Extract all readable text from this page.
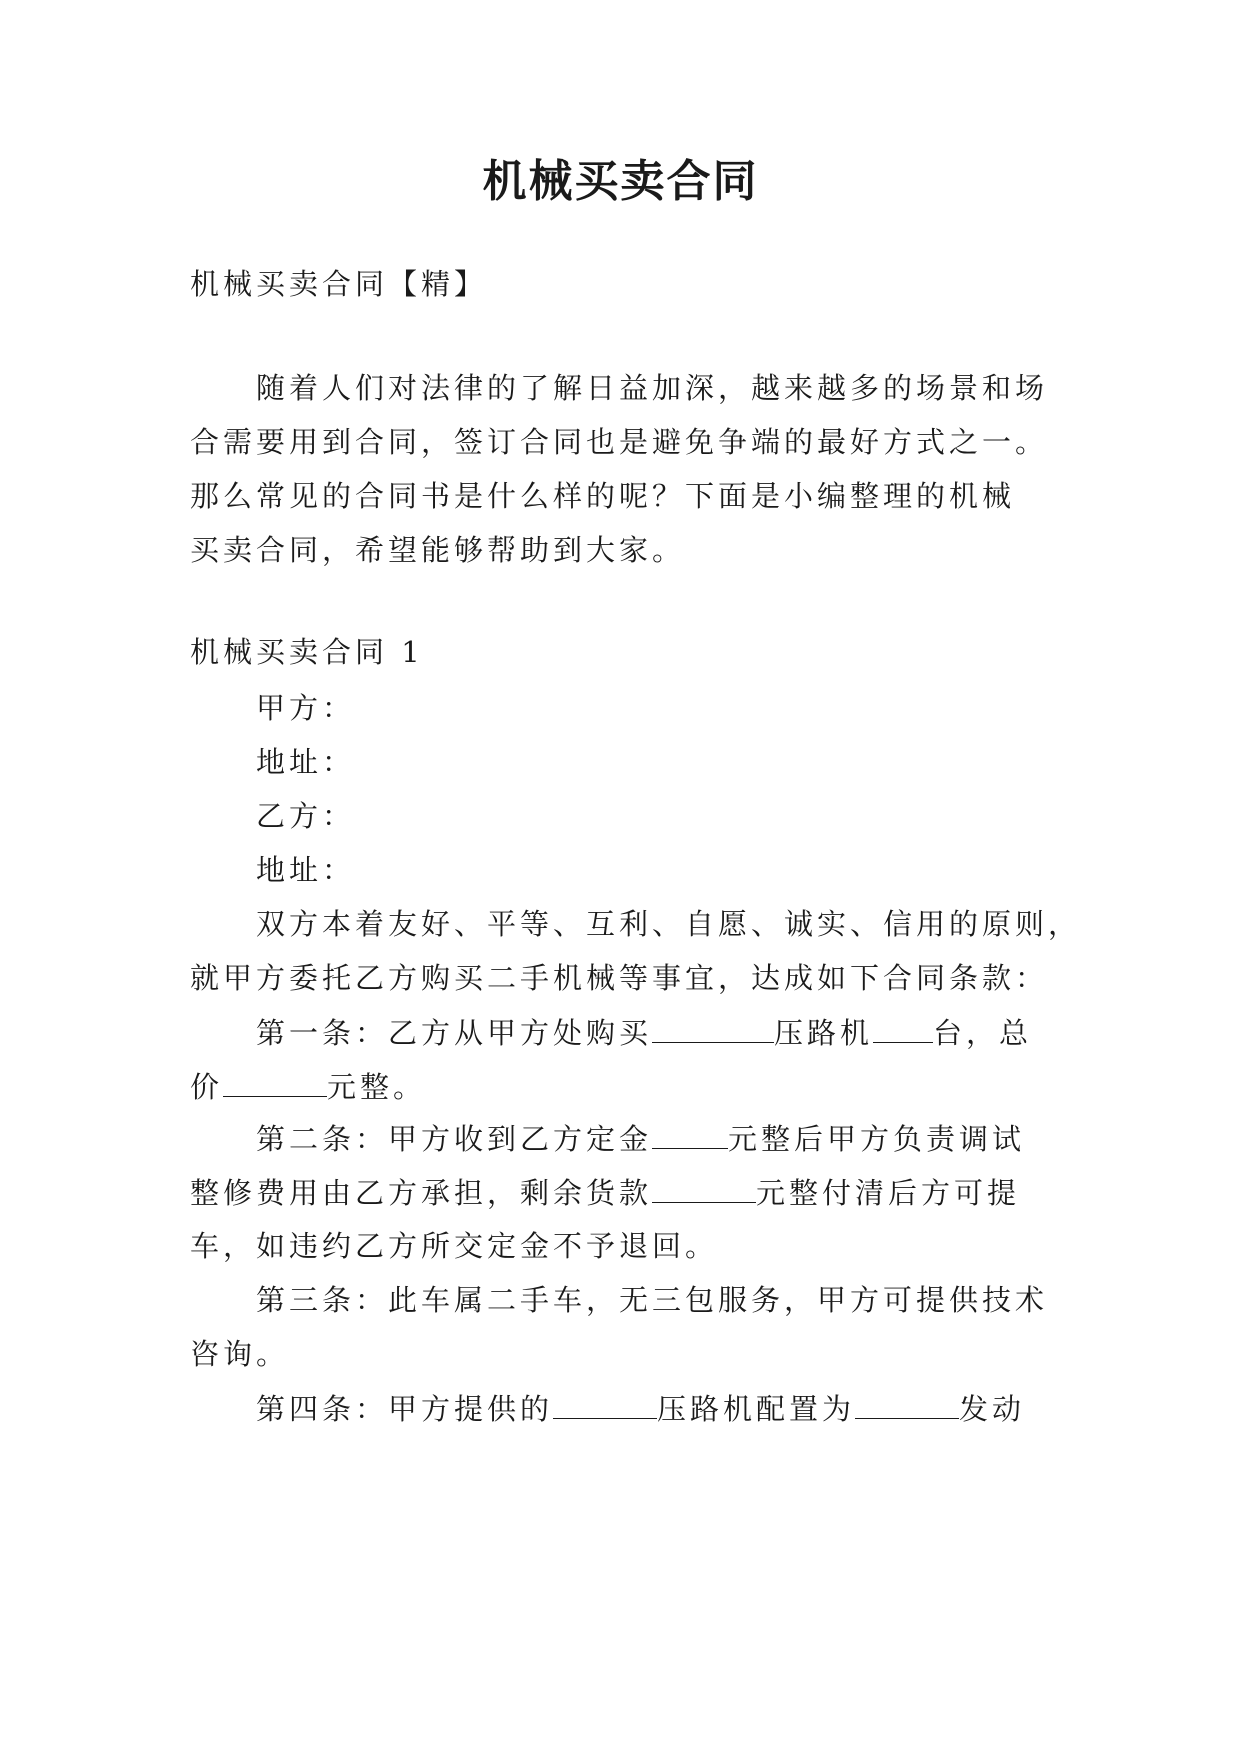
机械买卖合同
机械买卖合同【精】
随着人们对法律的了解日益加深，越来越多的场景和场
合需要用到合同，签订合同也是避免争端的最好方式之一。
那么常见的合同书是什么样的呢？下面是小编整理的机械
买卖合同，希望能够帮助到大家。
机械买卖合同 1
甲方：
地址：
乙方：
地址：
双方本着友好、平等、互利、自愿、诚实、信用的原则，
就甲方委托乙方购买二手机械等事宜，达成如下合同条款：
第一条：乙方从甲方处购买	压路机 台，总
价	元整。
第二条：甲方收到乙方定金	元整后甲方负责调试
整修费用由乙方承担，剩余货款	元整付清后方可提
车，如违约乙方所交定金不予退回。
第三条：此车属二手车，无三包服务，甲方可提供技术
咨询。
第四条：甲方提供的	压路机配置为	发动
